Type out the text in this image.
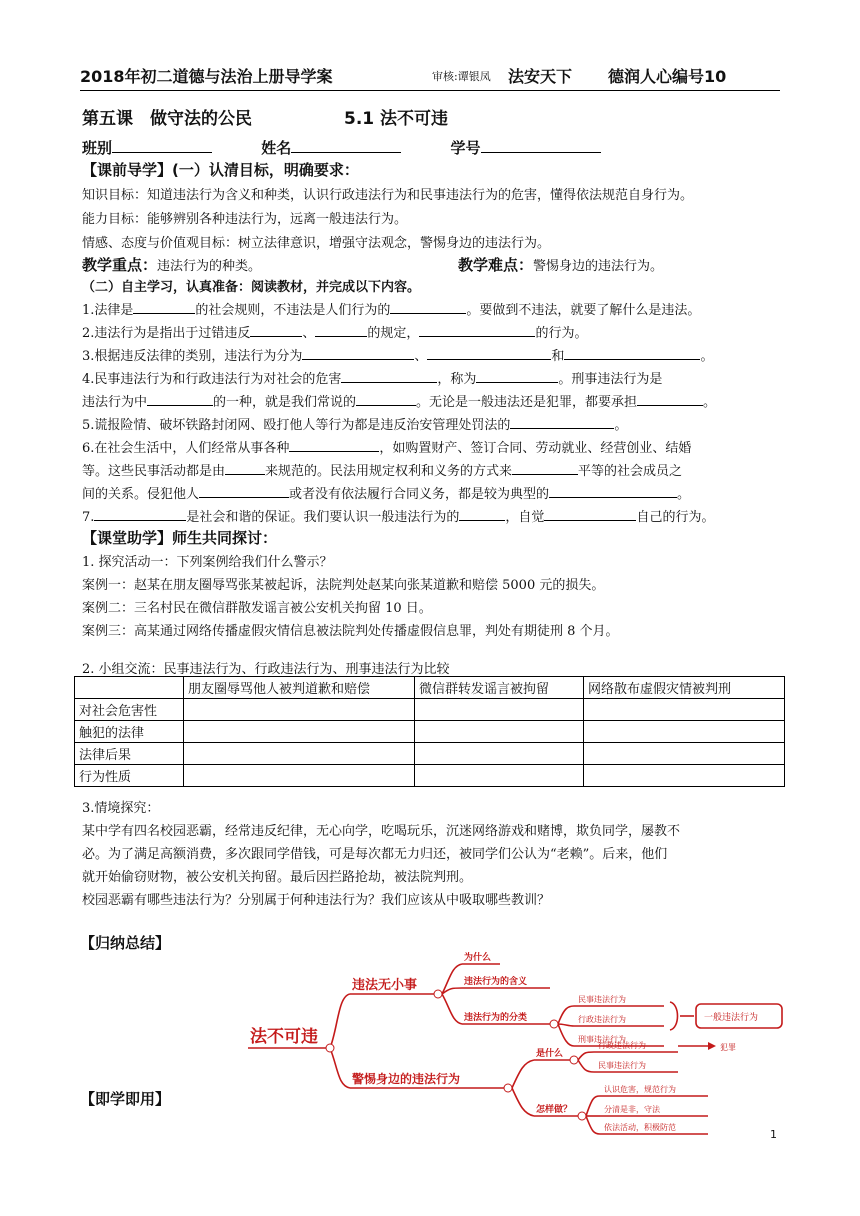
2018年初二道德与法治上册导学案	审核:谭银凤 法安天下 德润人心编号10
第五课　做守法的公民	5.1 法不可违
班别	姓名	学号
【课前导学】(一）认清目标，明确要求：
知识目标：知道违法行为含义和种类，认识行政违法行为和民事违法行为的危害，懂得依法规范自身行为。
能力目标：能够辨别各种违法行为，远离一般违法行为。
情感、态度与价值观目标：树立法律意识，增强守法观念，警惕身边的违法行为。
教学重点：违法行为的种类。	教学难点：警惕身边的违法行为。
（二）自主学习，认真准备：阅读教材，并完成以下内容。
1.法律是	的社会规则，不违法是人们行为的	。要做到不违法，就要了解什么是违法。
2.违法行为是指出于过错违反	、	的规定，	的行为。
3.根据违反法律的类别，违法行为分为	、	和	。
4.民事违法行为和行政违法行为对社会的危害	，称为	。刑事违法行为是
违法行为中	的一种，就是我们常说的	。无论是一般违法还是犯罪，都要承担	。
5.谎报险情、破坏铁路封闭网、殴打他人等行为都是违反治安管理处罚法的	。
6.在社会生活中，人们经常从事各种	，如购置财产、签订合同、劳动就业、经营创业、结婚
等。这些民事活动都是由	来规范的。民法用规定权利和义务的方式来	平等的社会成员之
间的关系。侵犯他人	或者没有依法履行合同义务，都是较为典型的	。
7.	是社会和谐的保证。我们要认识一般违法行为的	，自觉	自己的行为。
【课堂助学】师生共同探讨：
1. 探究活动一：下列案例给我们什么警示？
案例一：赵某在朋友圈辱骂张某被起诉，法院判处赵某向张某道歉和赔偿 5000 元的损失。
案例二：三名村民在微信群散发谣言被公安机关拘留 10 日。
案例三：高某通过网络传播虚假灾情信息被法院判处传播虚假信息罪，判处有期徒刑 8 个月。
2. 小组交流：民事违法行为、行政违法行为、刑事违法行为比较
	朋友圈辱骂他人被判道歉和赔偿	微信群转发谣言被拘留	网络散布虚假灾情被判刑
对社会危害性			
触犯的法律			
法律后果			
行为性质			
3.情境探究：
某中学有四名校园恶霸，经常违反纪律，无心向学，吃喝玩乐，沉迷网络游戏和赌博，欺负同学，屡教不
必。为了满足高额消费，多次跟同学借钱，可是每次都无力归还，被同学们公认为“老赖”。后来，他们
就开始偷窃财物，被公安机关拘留。最后因拦路抢劫，被法院判刑。
校园恶霸有哪些违法行为？分别属于何种违法行为？我们应该从中吸取哪些教训？
【归纳总结】
法不可违
违法无小事
为什么
违法行为的含义
违法行为的分类
民事违法行为
行政违法行为
刑事违法行为
一般违法行为
犯罪
警惕身边的违法行为
是什么
行政违法行为
民事违法行为
怎样做？
认识危害，规范行为
分清是非，守法
依法活动，积极防范
【即学即用】
1
